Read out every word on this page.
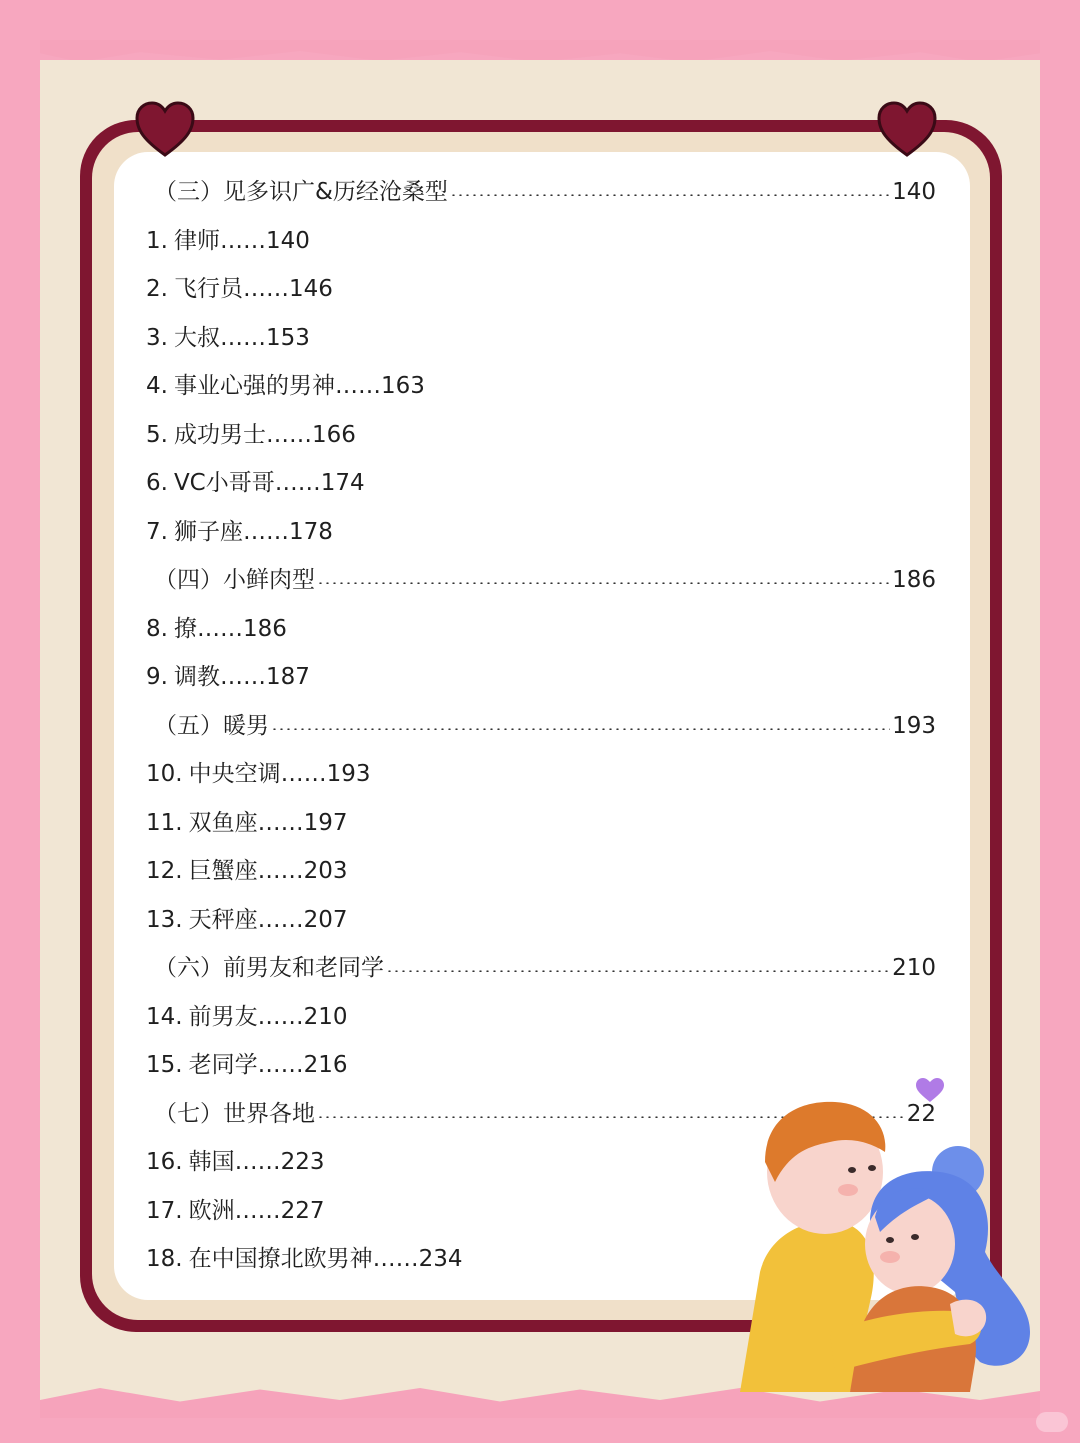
（三）见多识广&历经沧桑型	140
1. 律师……140
2. 飞行员……146
3. 大叔……153
4. 事业心强的男神……163
5. 成功男士……166
6. VC小哥哥……174
7. 狮子座……178
（四）小鲜肉型	186
8. 撩……186
9. 调教……187
（五）暖男	193
10. 中央空调……193
11. 双鱼座……197
12. 巨蟹座……203
13. 天秤座……207
（六）前男友和老同学	210
14. 前男友……210
15. 老同学……216
（七）世界各地	22
16. 韩国……223
17. 欧洲……227
18. 在中国撩北欧男神……234
